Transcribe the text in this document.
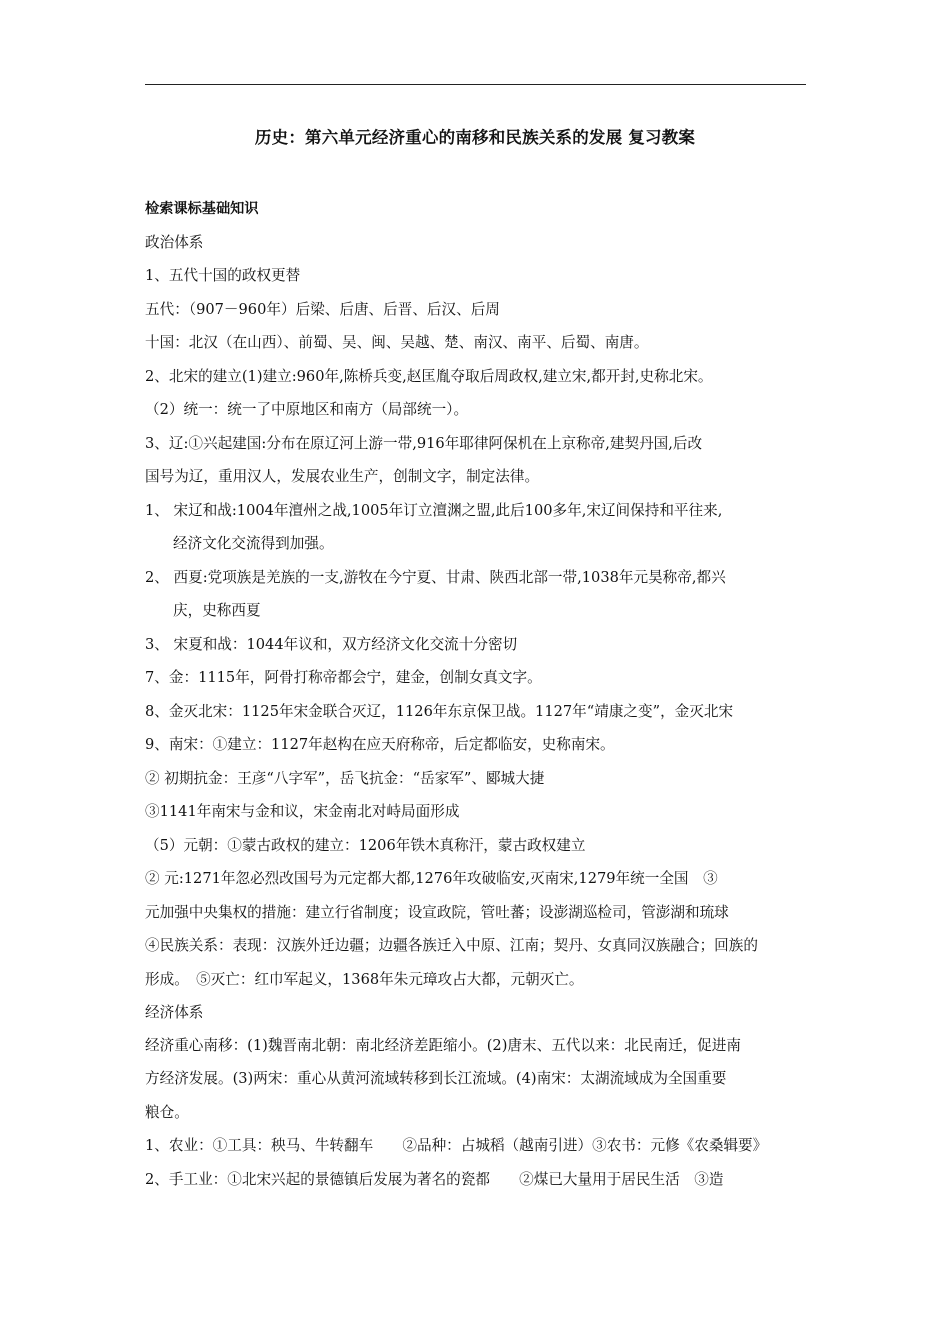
历史：第六单元经济重心的南移和民族关系的发展 复习教案
检索课标基础知识
政治体系
1、五代十国的政权更替
五代：（907－960年）后梁、后唐、后晋、后汉、后周
十国：北汉（在山西）、前蜀、吴、闽、吴越、楚、南汉、南平、后蜀、南唐。
2、北宋的建立(1)建立:960年,陈桥兵变,赵匡胤夺取后周政权,建立宋,都开封,史称北宋。
（2）统一：统一了中原地区和南方（局部统一）。
3、辽:①兴起建国:分布在原辽河上游一带,916年耶律阿保机在上京称帝,建契丹国,后改
国号为辽，重用汉人，发展农业生产，创制文字，制定法律。
1、 宋辽和战:1004年澶州之战,1005年订立澶渊之盟,此后100多年,宋辽间保持和平往来,
经济文化交流得到加强。
2、 西夏:党项族是羌族的一支,游牧在今宁夏、甘肃、陕西北部一带,1038年元昊称帝,都兴
庆，史称西夏
3、 宋夏和战：1044年议和，双方经济文化交流十分密切
7、金：1115年，阿骨打称帝都会宁，建金，创制女真文字。
8、金灭北宋：1125年宋金联合灭辽，1126年东京保卫战。1127年“靖康之变”，金灭北宋
9、南宋：①建立：1127年赵构在应天府称帝，后定都临安，史称南宋。
② 初期抗金：王彦“八字军”，岳飞抗金：“岳家军”、郾城大捷
③1141年南宋与金和议，宋金南北对峙局面形成
（5）元朝：①蒙古政权的建立：1206年铁木真称汗，蒙古政权建立
② 元:1271年忽必烈改国号为元定都大都,1276年攻破临安,灭南宋,1279年统一全国　③
元加强中央集权的措施：建立行省制度；设宣政院，管吐蕃；设澎湖巡检司，管澎湖和琉球
④民族关系：表现：汉族外迁边疆；边疆各族迁入中原、江南；契丹、女真同汉族融合；回族的
形成。　⑤灭亡：红巾军起义，1368年朱元璋攻占大都，元朝灭亡。
经济体系
经济重心南移：(1)魏晋南北朝：南北经济差距缩小。(2)唐末、五代以来：北民南迁，促进南
方经济发展。(3)两宋：重心从黄河流域转移到长江流域。(4)南宋：太湖流域成为全国重要
粮仓。
1、农业：①工具：秧马、牛转翻车　　②品种：占城稻（越南引进）③农书：元修《农桑辑要》
2、手工业：①北宋兴起的景德镇后发展为著名的瓷都　　②煤已大量用于居民生活　③造
